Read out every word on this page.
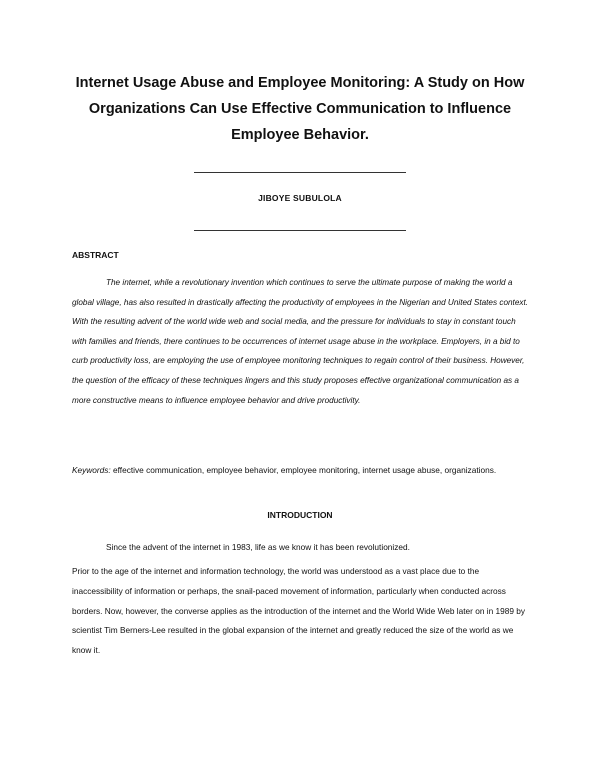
Internet Usage Abuse and Employee Monitoring: A Study on How Organizations Can Use Effective Communication to Influence Employee Behavior.
JIBOYE SUBULOLA
ABSTRACT

The internet, while a revolutionary invention which continues to serve the ultimate purpose of making the world a global village, has also resulted in drastically affecting the productivity of employees in the Nigerian and United States context. With the resulting advent of the world wide web and social media, and the pressure for individuals to stay in constant touch with families and friends, there continues to be occurrences of internet usage abuse in the workplace. Employers, in a bid to curb productivity loss, are employing the use of employee monitoring techniques to regain control of their business. However, the question of the efficacy of these techniques lingers and this study proposes effective organizational communication as a more constructive means to influence employee behavior and drive productivity.

Keywords: effective communication, employee behavior, employee monitoring, internet usage abuse, organizations.

INTRODUCTION

Since the advent of the internet in 1983, life as we know it has been revolutionized.

Prior to the age of the internet and information technology, the world was understood as a vast place due to the inaccessibility of information or perhaps, the snail-paced movement of information, particularly when conducted across borders. Now, however, the converse applies as the introduction of the internet and the World Wide Web later on in 1989 by scientist Tim Berners-Lee resulted in the global expansion of the internet and greatly reduced the size of the world as we know it.
